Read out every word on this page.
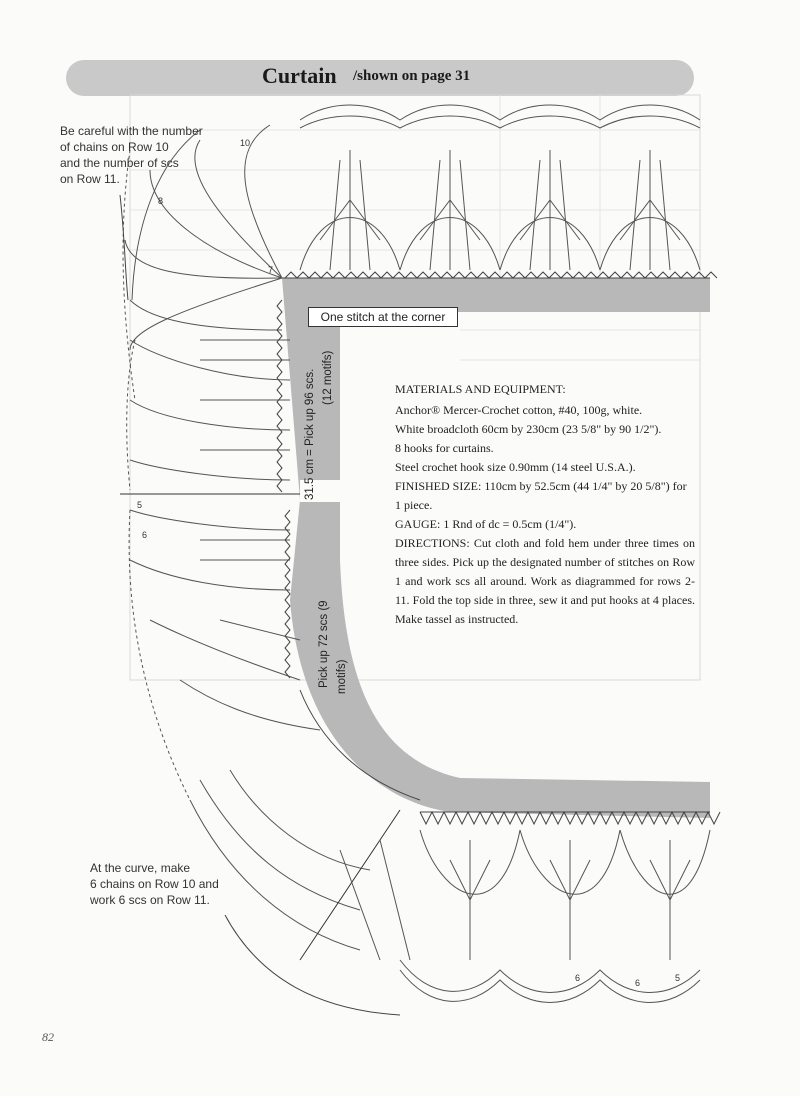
Curtain /shown on page 31
Be careful with the number
of chains on Row 10
and the number of scs
on Row 11.
One stitch at the corner
31.5 cm = Pick up 96 scs. (12 motifs)
Pick up 72 scs (9 motifs)
10
8
7
6
5
6	6	5

MATERIALS AND EQUIPMENT:

Anchor® Mercer-Crochet cotton, #40, 100g, white.

White broadcloth 60cm by 230cm (23 5/8" by 90 1/2").

8 hooks for curtains.

Steel crochet hook size 0.90mm (14 steel U.S.A.).

FINISHED SIZE: 110cm by 52.5cm (44 1/4" by 20 5/8") for 1 piece.

GAUGE: 1 Rnd of dc = 0.5cm (1/4").

DIRECTIONS: Cut cloth and fold hem under three times on three sides. Pick up the designated number of stitches on Row 1 and work scs all around. Work as diagrammed for rows 2-11. Fold the top side in three, sew it and put hooks at 4 places. Make tassel as instructed.

At the curve, make
6 chains on Row 10 and
work 6 scs on Row 11.
82
